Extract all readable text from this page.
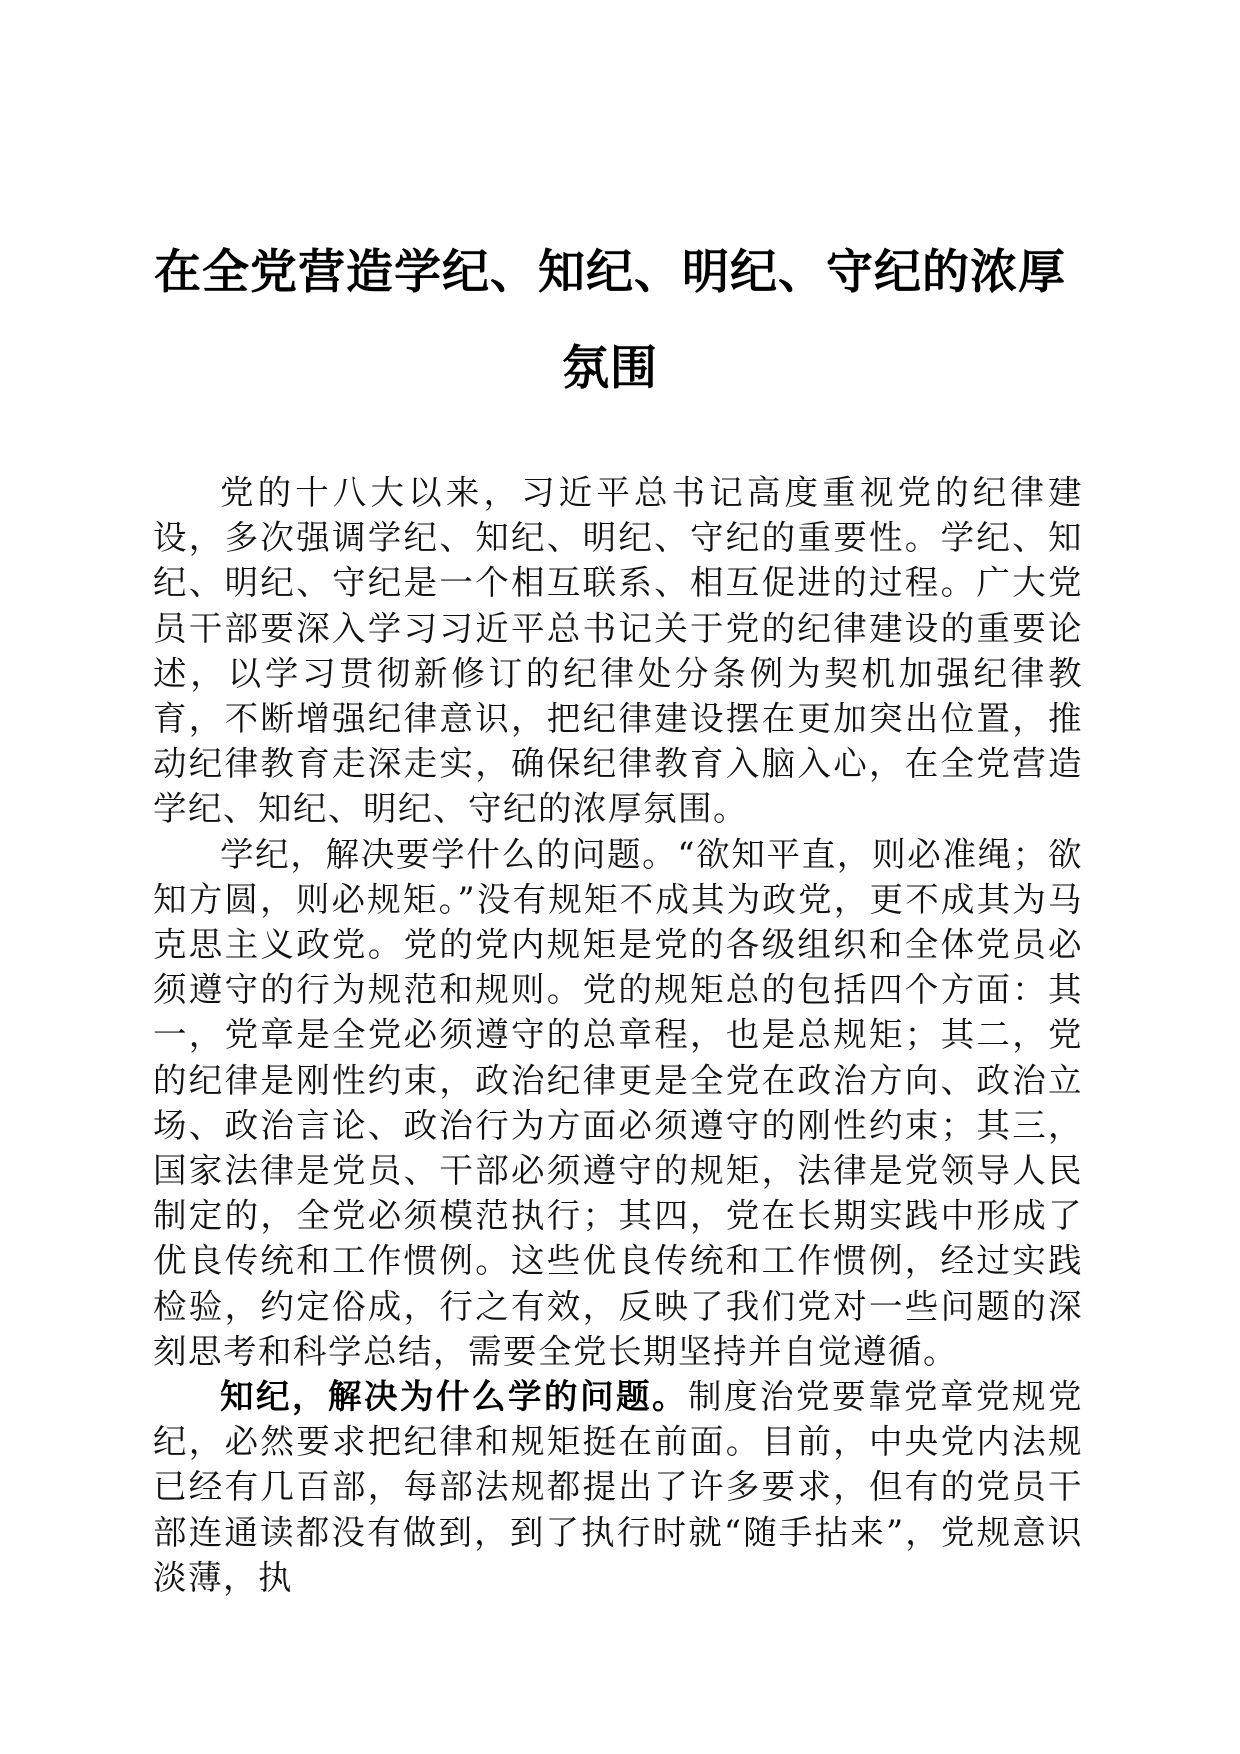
在全党营造学纪、知纪、明纪、守纪的浓厚氛围

党的十八大以来，习近平总书记高度重视党的纪律建设，多次强调学纪、知纪、明纪、守纪的重要性。学纪、知纪、明纪、守纪是一个相互联系、相互促进的过程。广大党员干部要深入学习习近平总书记关于党的纪律建设的重要论述，以学习贯彻新修订的纪律处分条例为契机加强纪律教育，不断增强纪律意识，把纪律建设摆在更加突出位置，推动纪律教育走深走实，确保纪律教育入脑入心，在全党营造学纪、知纪、明纪、守纪的浓厚氛围。

学纪，解决要学什么的问题。“欲知平直，则必准绳；欲知方圆，则必规矩。”没有规矩不成其为政党，更不成其为马克思主义政党。党的党内规矩是党的各级组织和全体党员必须遵守的行为规范和规则。党的规矩总的包括四个方面：其一，党章是全党必须遵守的总章程，也是总规矩；其二，党的纪律是刚性约束，政治纪律更是全党在政治方向、政治立场、政治言论、政治行为方面必须遵守的刚性约束；其三，国家法律是党员、干部必须遵守的规矩，法律是党领导人民制定的，全党必须模范执行；其四，党在长期实践中形成了优良传统和工作惯例。这些优良传统和工作惯例，经过实践检验，约定俗成，行之有效，反映了我们党对一些问题的深刻思考和科学总结，需要全党长期坚持并自觉遵循。

知纪，解决为什么学的问题。制度治党要靠党章党规党纪，必然要求把纪律和规矩挺在前面。目前，中央党内法规已经有几百部，每部法规都提出了许多要求，但有的党员干部连通读都没有做到，到了执行时就“随手拈来”，党规意识淡薄，执
